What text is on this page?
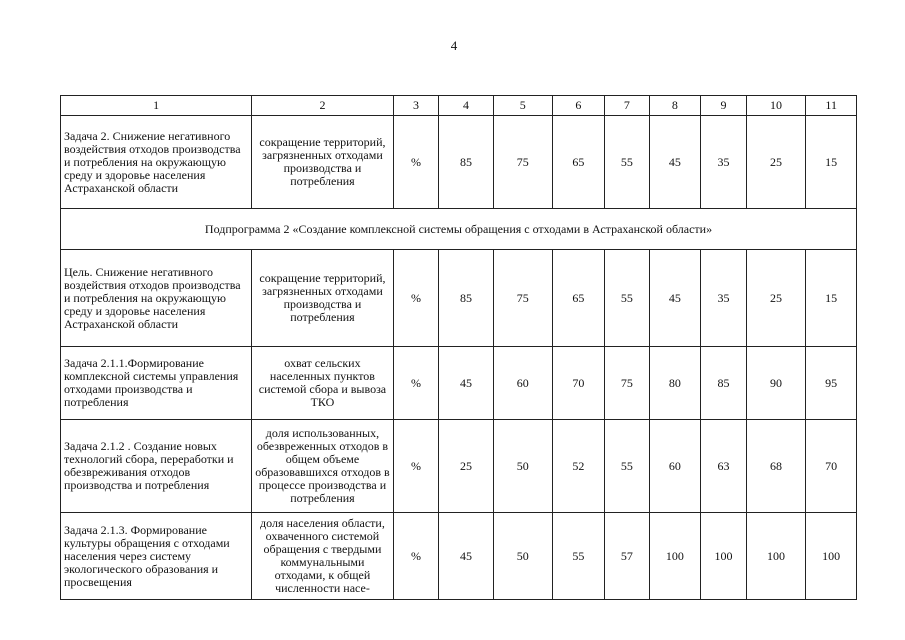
4
1	2	3	4	5	6	7	8	9	10	11
Задача 2. Снижение негативного воздействия отходов производства и потребления на окружающую среду и здоровье населения Астраханской области	сокращение территорий, загрязненных отходами производства и потребления	%	85	75	65	55	45	35	25	15
Подпрограмма 2 «Создание комплексной системы обращения с отходами в Астраханской области»										
Цель. Снижение негативного воздействия отходов производства и потребления на окружающую среду и здоровье населения Астраханской области	сокращение территорий, загрязненных отходами производства и потребления	%	85	75	65	55	45	35	25	15
Задача 2.1.1.Формирование комплексной системы управления отходами производства и потребления	охват сельских населенных пунктов системой сбора и вывоза ТКО	%	45	60	70	75	80	85	90	95
Задача 2.1.2 . Создание новых технологий сбора, переработки и обезвреживания отходов производства и потребления	доля использованных, обезвреженных отходов в общем объеме образовавшихся отходов в процессе производства и потребления	%	25	50	52	55	60	63	68	70
Задача 2.1.3. Формирование культуры обращения с отходами населения через систему экологического образования и просвещения	доля населения области, охваченного системой обращения с твердыми коммунальными отходами, к общей численности насе-	%	45	50	55	57	100	100	100	100
